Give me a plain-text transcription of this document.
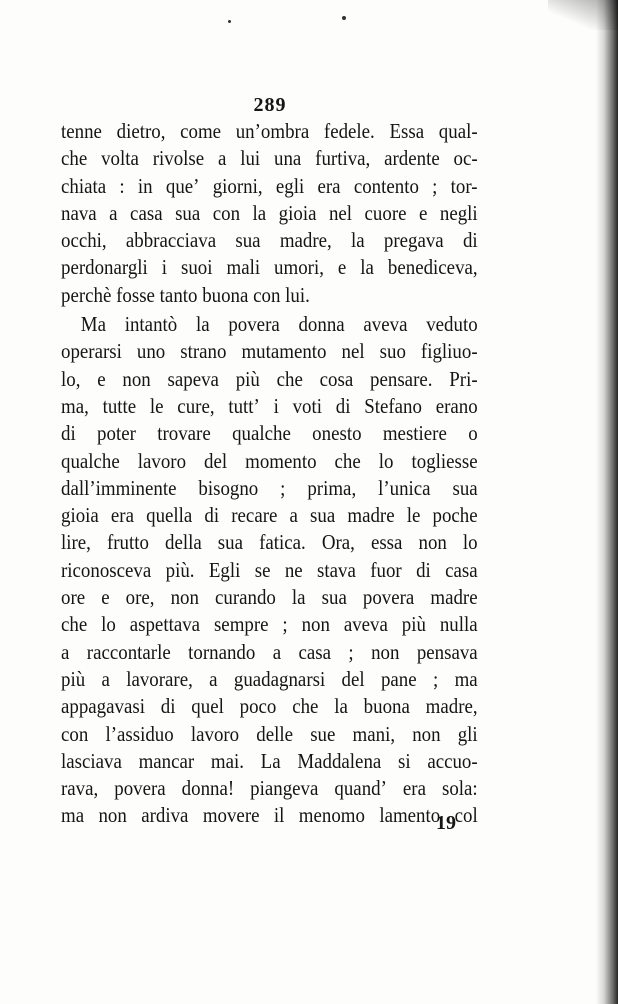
289
tenne dietro, come un’ombra fedele. Essa qual-
che volta rivolse a lui una furtiva, ardente oc-
chiata : in que’ giorni, egli era contento ; tor-
nava a casa sua con la gioia nel cuore e negli
occhi, abbracciava sua madre, la pregava di
perdonargli i suoi mali umori, e la benediceva,
perchè
fosse
tanto
buona
con
lui.

Ma intantò la povera donna aveva veduto
operarsi uno strano mutamento nel suo figliuo-
lo, e non sapeva più che cosa pensare. Pri-
ma, tutte le cure, tutt’ i voti di Stefano erano
di poter trovare qualche onesto mestiere o
qualche lavoro del momento che lo togliesse
dall’imminente bisogno ; prima, l’unica sua
gioia era quella di recare a sua madre le poche
lire, frutto della sua fatica. Ora, essa non lo
riconosceva più. Egli se ne stava fuor di casa
ore e ore, non curando la sua povera madre
che lo aspettava sempre ; non aveva più nulla
a raccontarle tornando a casa ; non pensava
più a lavorare, a guadagnarsi del pane ; ma
appagavasi di quel poco che la buona madre,
con l’assiduo lavoro delle sue mani, non gli
lasciava mancar mai. La Maddalena si accuo-
rava, povera donna! piangeva quand’ era sola:
ma non ardiva movere il menomo lamento col
19
